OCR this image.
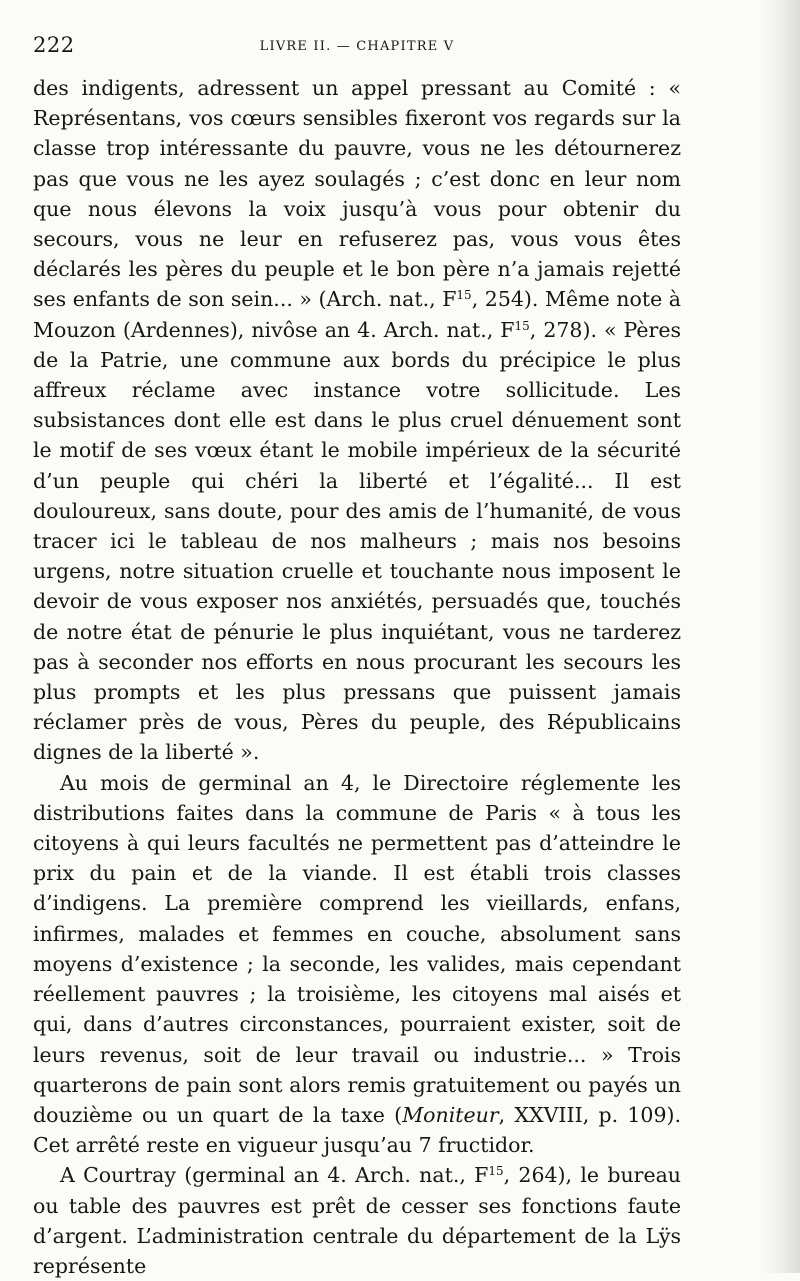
222	LIVRE II. — CHAPITRE V

des indigents, adressent un appel pressant au Comité : « Représentans, vos cœurs sensibles fixeront vos regards sur la classe trop intéressante du pauvre, vous ne les détournerez pas que vous ne les ayez soulagés ; c’est donc en leur nom que nous élevons la voix jusqu’à vous pour obtenir du secours, vous ne leur en refuserez pas, vous vous êtes déclarés les pères du peuple et le bon père n’a jamais rejetté ses enfants de son sein... » (Arch. nat., $F^{15}$, 254). Même note à Mouzon (Ardennes), nivôse an 4. Arch. nat., $F^{15}$, 278). « Pères de la Patrie, une commune aux bords du précipice le plus affreux réclame avec instance votre sollicitude. Les subsistances dont elle est dans le plus cruel dénuement sont le motif de ses vœux étant le mobile impérieux de la sécurité d’un peuple qui chéri la liberté et l’égalité... Il est douloureux, sans doute, pour des amis de l’humanité, de vous tracer ici le tableau de nos malheurs ; mais nos besoins urgens, notre situation cruelle et touchante nous imposent le devoir de vous exposer nos anxiétés, persuadés que, touchés de notre état de pénurie le plus inquiétant, vous ne tarderez pas à seconder nos efforts en nous procurant les secours les plus prompts et les plus pressans que puissent jamais réclamer près de vous, Pères du peuple, des Républicains dignes de la liberté ».

Au mois de germinal an 4, le Directoire réglemente les distributions faites dans la commune de Paris « à tous les citoyens à qui leurs facultés ne permettent pas d’atteindre le prix du pain et de la viande. Il est établi trois classes d’indigens. La première comprend les vieillards, enfans, infirmes, malades et femmes en couche, absolument sans moyens d’existence ; la seconde, les valides, mais cependant réellement pauvres ; la troisième, les citoyens mal aisés et qui, dans d’autres circonstances, pourraient exister, soit de leurs revenus, soit de leur travail ou industrie... » Trois quarterons de pain sont alors remis gratuitement ou payés un douzième ou un quart de la taxe (Moniteur, XXVIII, p. 109). Cet arrêté reste en vigueur jusqu’au 7 fructidor.

A Courtray (germinal an 4. Arch. nat., $F^{15}$, 264), le bureau ou table des pauvres est prêt de cesser ses fonctions faute d’argent. L’administration centrale du département de la Lÿs représente
